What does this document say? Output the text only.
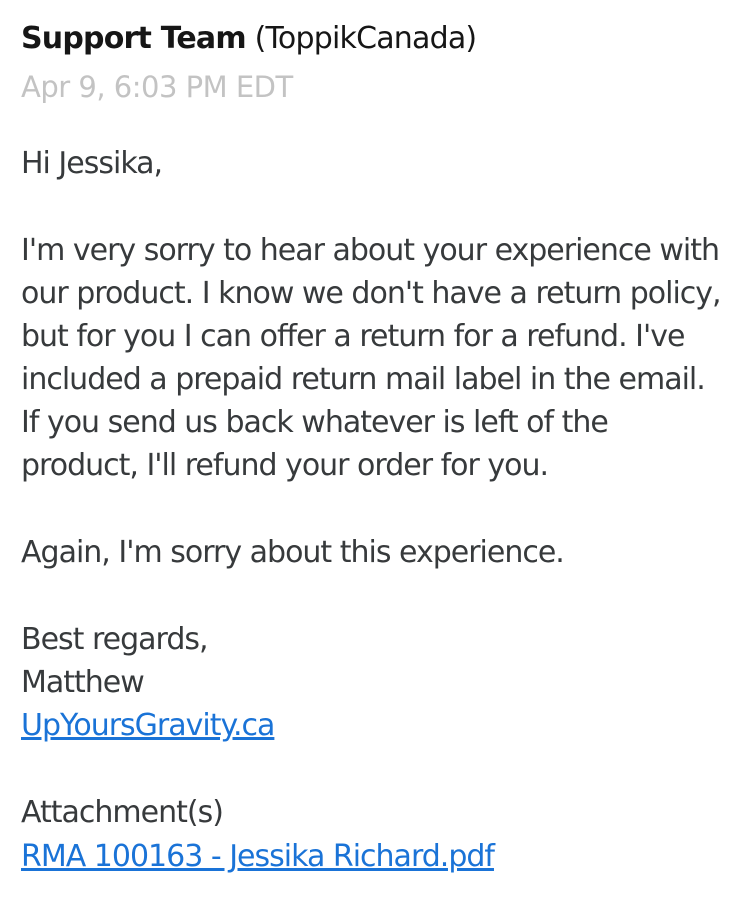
Support Team (ToppikCanada)
Apr 9, 6:03 PM EDT

Hi Jessika,

I'm very sorry to hear about your experience with our product. I know we don't have a return policy, but for you I can offer a return for a refund. I've included a prepaid return mail label in the email. If you send us back whatever is left of the product, I'll refund your order for you.

Again, I'm sorry about this experience.

Best regards,
Matthew
UpYoursGravity.ca

Attachment(s)
RMA 100163 - Jessika Richard.pdf
